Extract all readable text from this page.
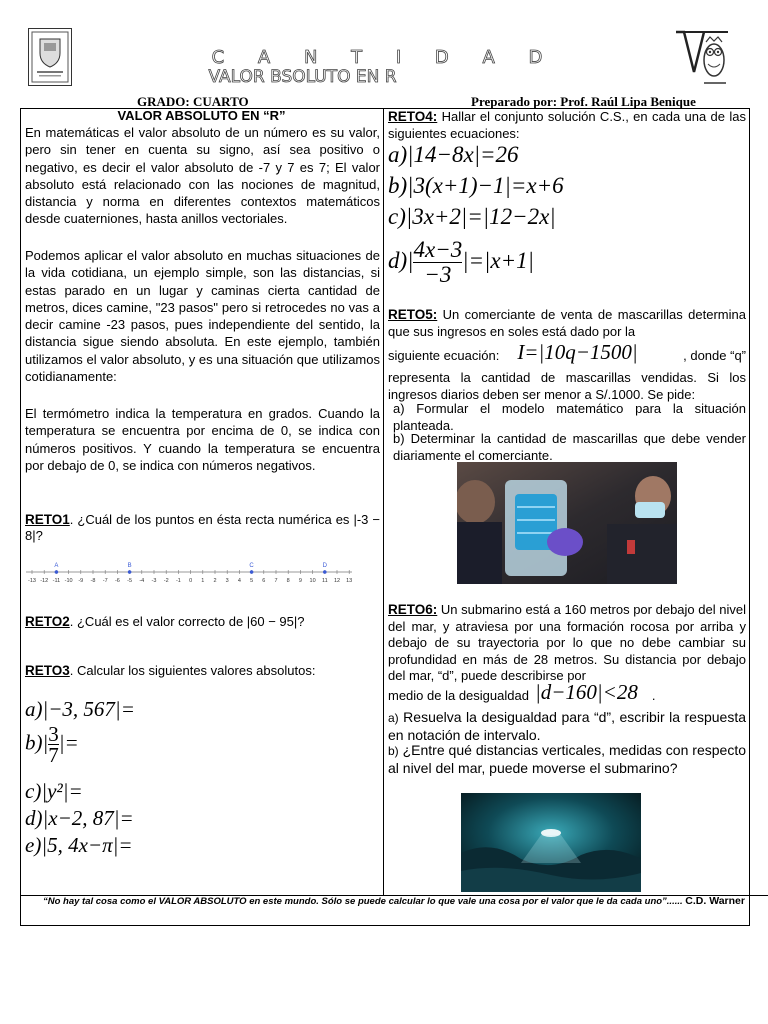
C A N T I D A D
VALOR BSOLUTO EN R
GRADO: CUARTO	Preparado por: Prof. Raúl Lipa Benique
VALOR ABSOLUTO EN “R”
En matemáticas el valor absoluto de un número es su valor, pero sin tener en cuenta su signo, así sea positivo o negativo, es decir el valor absoluto de -7 y 7 es 7; El valor absoluto está relacionado con las nociones de magnitud, distancia y norma en diferentes contextos matemáticos desde cuaterniones, hasta anillos vectoriales.
Podemos aplicar el valor absoluto en muchas situaciones de la vida cotidiana, un ejemplo simple, son las distancias, si estas parado en un lugar y caminas cierta cantidad de metros, dices camine, "23 pasos" pero si retrocedes no vas a decir camine -23 pasos, pues independiente del sentido, la distancia sigue siendo absoluta. En este ejemplo, también utilizamos el valor absoluto, y es una situación que utilizamos cotidianamente:
El termómetro indica la temperatura en grados. Cuando la temperatura se encuentra por encima de 0, se indica con números positivos. Y cuando la temperatura se encuentra por debajo de 0, se indica con números negativos.
RETO1. ¿Cuál de los puntos en ésta recta numérica es |-3 − 8|?
-13 -12 -11 -10 -9 -8 -7 -6 -5 -4 -3 -2 -1 0 1 2 3 4 5 6 7 8 9 10 11 12 13
A	B	C	D
RETO2. ¿Cuál es el valor correcto de |60 − 95|?
RETO3. Calcular los siguientes valores absolutos:
a)|−3, 567|=
$b)| \frac{3}{7}$ |=
c)|y²|=
d)|x−2, 87|=
e)|5, 4x−π|=
RETO4: Hallar el conjunto solución C.S., en cada una de las siguientes ecuaciones:
a)|14−8x|=26
b)|3(x+1)−1|=x+6
c)|3x+2|=|12−2x|
$d)| \frac{4x-3}{-3} |=|x+1|$
RETO5: Un comerciante de venta de mascarillas determina que sus ingresos en soles está dado por la
siguiente ecuación: I=|10q−1500|	, donde “q”
representa la cantidad de mascarillas vendidas. Si los ingresos diarios deben ser menor a S/.1000. Se pide:
a) Formular el modelo matemático para la situación planteada.
b) Determinar la cantidad de mascarillas que debe vender diariamente el comerciante.
RETO6: Un submarino está a 160 metros por debajo del nivel del mar, y atraviesa por una formación rocosa por arriba y debajo de su trayectoria por lo que no debe cambiar su profundidad en más de 28 metros. Su distancia por debajo del mar, “d”, puede describirse por
medio de la desigualdad |d−160|<28 .
a) Resuelva la desigualdad para “d”, escribir la respuesta en notación de intervalo.
b) ¿Entre qué distancias verticales, medidas con respecto al nivel del mar, puede moverse el submarino?
“No hay tal cosa como el VALOR ABSOLUTO en este mundo. Sólo se puede calcular lo que vale una cosa por el valor que le da cada uno”...... C.D. Warner
